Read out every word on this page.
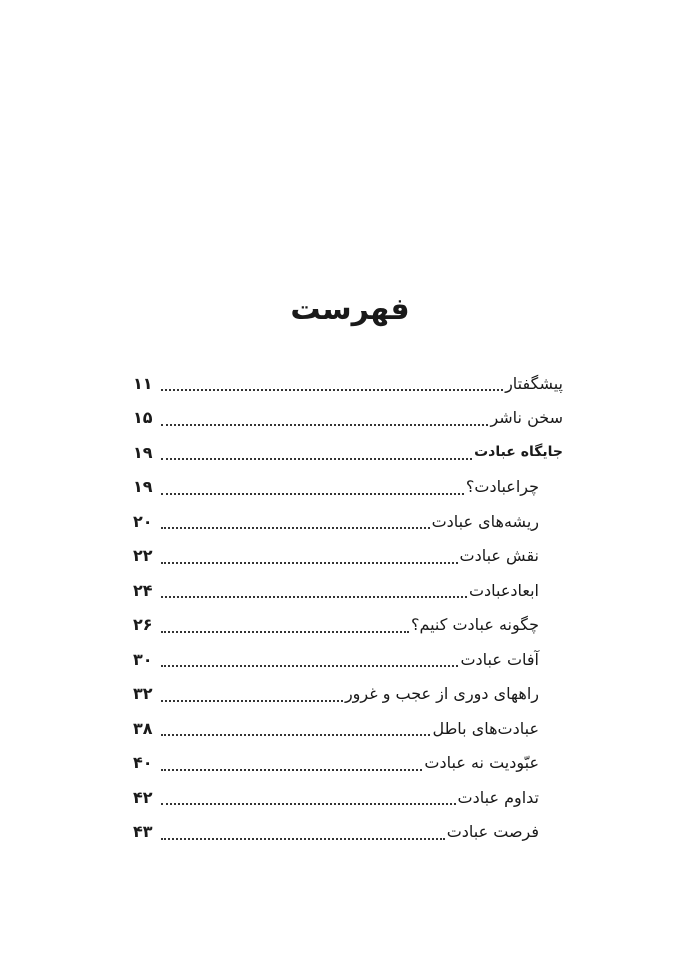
فهرست
پیشگفتار
۱۱
سخن ناشر
۱۵
جایگاه عبادت
۱۹
چراعبادت؟
۱۹
ریشه‌های عبادت
۲۰
نقش عبادت
۲۲
ابعادعبادت
۲۴
چگونه عبادت کنیم؟
۲۶
آفات عبادت
۳۰
راههای دوری از عجب و غرور
۳۲
عبادت‌های باطل
۳۸
عبّودیت نه عبادت
۴۰
تداوم عبادت
۴۲
فرصت عبادت
۴۳
